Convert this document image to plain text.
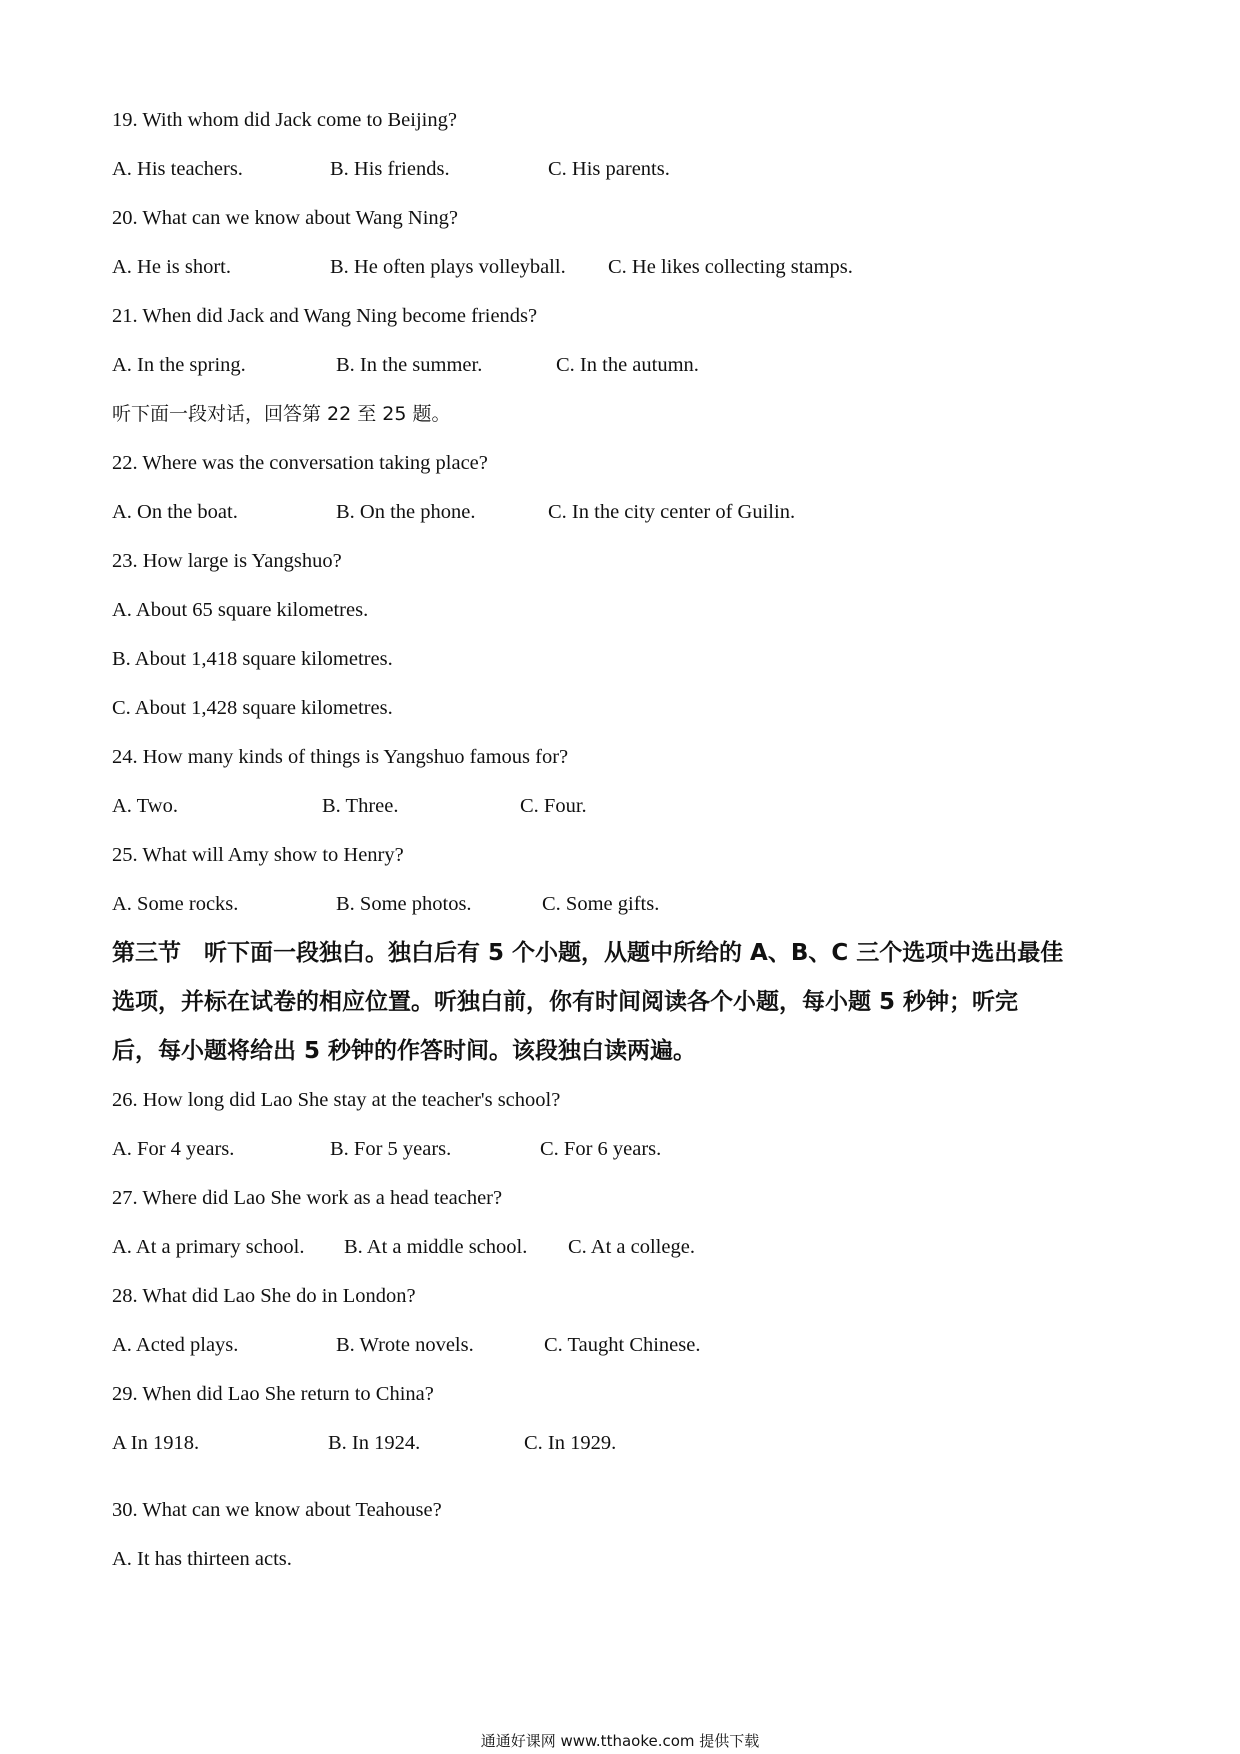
19. With whom did Jack come to Beijing?
A. His teachers.	B. His friends.	C. His parents.
20. What can we know about Wang Ning?
A. He is short.	B. He often plays volleyball. C. He likes collecting stamps.
21. When did Jack and Wang Ning become friends?
A. In the spring.	B. In the summer.	C. In the autumn.
听下面一段对话，回答第 22 至 25 题。
22. Where was the conversation taking place?
A. On the boat.	B. On the phone.	C. In the city center of Guilin.
23. How large is Yangshuo?
A. About 65 square kilometres.
B. About 1,418 square kilometres.
C. About 1,428 square kilometres.
24. How many kinds of things is Yangshuo famous for?
A. Two.	B. Three.	C. Four.
25. What will Amy show to Henry?
A. Some rocks.	B. Some photos.	C. Some gifts.
第三节　听下面一段独白。独白后有 5 个小题，从题中所给的 A、B、C 三个选项中选出最佳
选项，并标在试卷的相应位置。听独白前，你有时间阅读各个小题，每小题 5 秒钟；听完
后，每小题将给出 5 秒钟的作答时间。该段独白读两遍。
26. How long did Lao She stay at the teacher's school?
A. For 4 years.	B. For 5 years.	C. For 6 years.
27. Where did Lao She work as a head teacher?
A. At a primary school. B. At a middle school. C. At a college.
28. What did Lao She do in London?
A. Acted plays.	B. Wrote novels.	C. Taught Chinese.
29. When did Lao She return to China?
A In 1918.	B. In 1924.	C. In 1929.
30. What can we know about Teahouse?
A. It has thirteen acts.
通通好课网 www.tthaoke.com 提供下载
